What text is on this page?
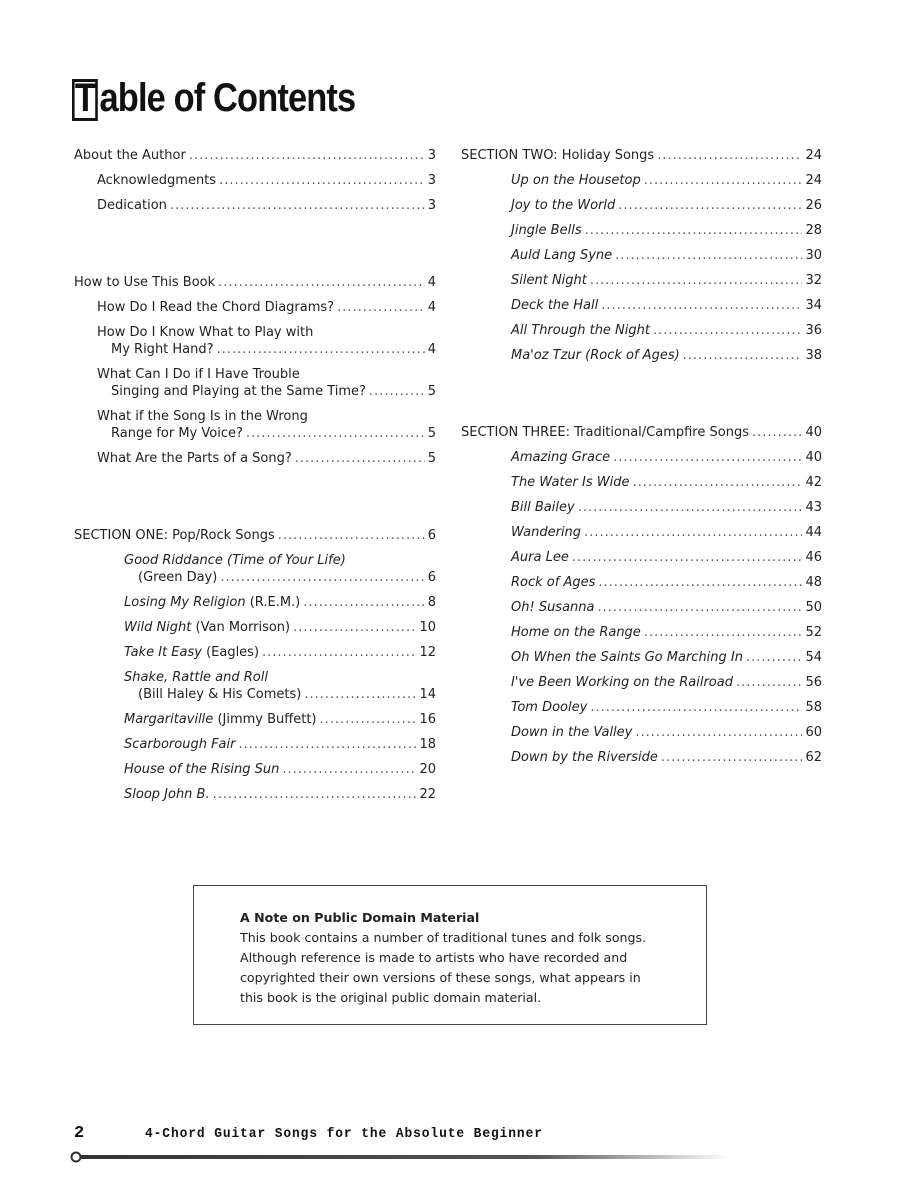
T able of Contents
About the Author .....	3
Acknowledgments .....	3
Dedication .....	3
How to Use This Book .....	4
How Do I Read the Chord Diagrams? .....	4
How Do I Know What to Play with
My Right Hand? .....	4
What Can I Do if I Have Trouble
Singing and Playing at the Same Time? .....	5
What if the Song Is in the Wrong
Range for My Voice? .....	5
What Are the Parts of a Song? .....	5
SECTION ONE: Pop/Rock Songs .....	6
Good Riddance (Time of Your Life)
(Green Day) .....	6
Losing My Religion (R.E.M.) .....	8
Wild Night (Van Morrison) .....	10
Take It Easy (Eagles) .....	12
Shake, Rattle and Roll
(Bill Haley & His Comets) .....	14
Margaritaville (Jimmy Buffett) .....	16
Scarborough Fair .....	18
House of the Rising Sun .....	20
Sloop John B. .....	22
SECTION TWO: Holiday Songs .....	24
Up on the Housetop .....	24
Joy to the World .....	26
Jingle Bells .....	28
Auld Lang Syne .....	30
Silent Night .....	32
Deck the Hall .....	34
All Through the Night .....	36
Ma'oz Tzur (Rock of Ages) .....	38
SECTION THREE: Traditional/Campfire Songs .....	40
Amazing Grace .....	40
The Water Is Wide .....	42
Bill Bailey .....	43
Wandering .....	44
Aura Lee .....	46
Rock of Ages .....	48
Oh! Susanna .....	50
Home on the Range .....	52
Oh When the Saints Go Marching In .....	54
I've Been Working on the Railroad .....	56
Tom Dooley .....	58
Down in the Valley .....	60
Down by the Riverside .....	62
A Note on Public Domain Material
This book contains a number of traditional tunes and folk songs. Although reference is made to artists who have recorded and copyrighted their own versions of these songs, what appears in this book is the original public domain material.
2	4-Chord Guitar Songs for the Absolute Beginner
